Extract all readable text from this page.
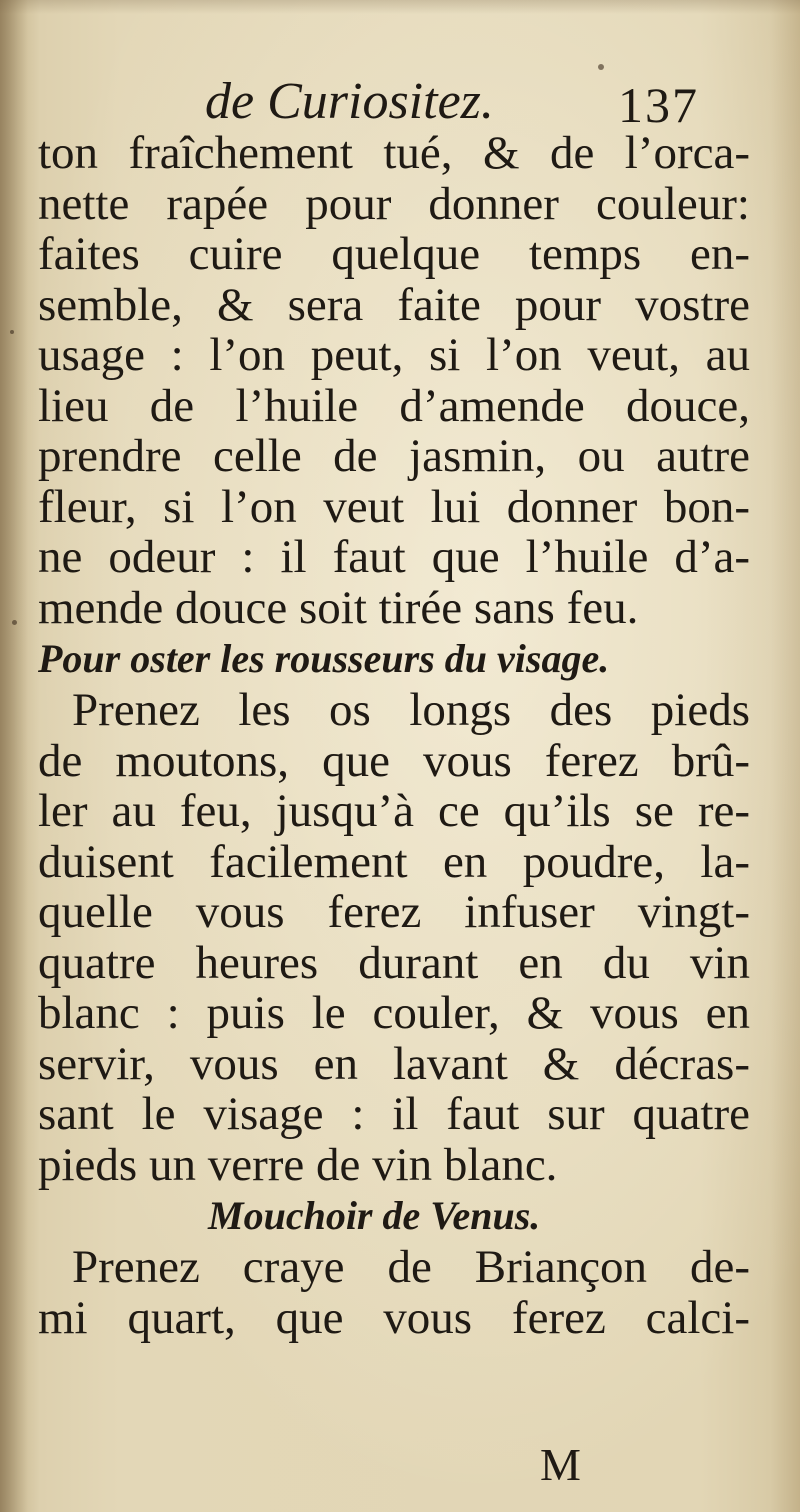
de Curiositez. 137
ton fraîchement tué, & de l’orca-
nette rapée pour donner couleur:
faites cuire quelque temps en-
semble, & sera faite pour vostre
usage : l’on peut, si l’on veut, au
lieu de l’huile d’amende douce,
prendre celle de jasmin, ou autre
fleur, si l’on veut lui donner bon-
ne odeur : il faut que l’huile d’a-
mende douce soit tirée sans feu.
Pour oster les rousseurs du visage.
Prenez les os longs des pieds
de moutons, que vous ferez brû-
ler au feu, jusqu’à ce qu’ils se re-
duisent facilement en poudre, la-
quelle vous ferez infuser vingt-
quatre heures durant en du vin
blanc : puis le couler, & vous en
servir, vous en lavant & décras-
sant le visage : il faut sur quatre
pieds un verre de vin blanc.
Mouchoir de Venus.
Prenez craye de Briançon de-
mi quart, que vous ferez calci-
M
